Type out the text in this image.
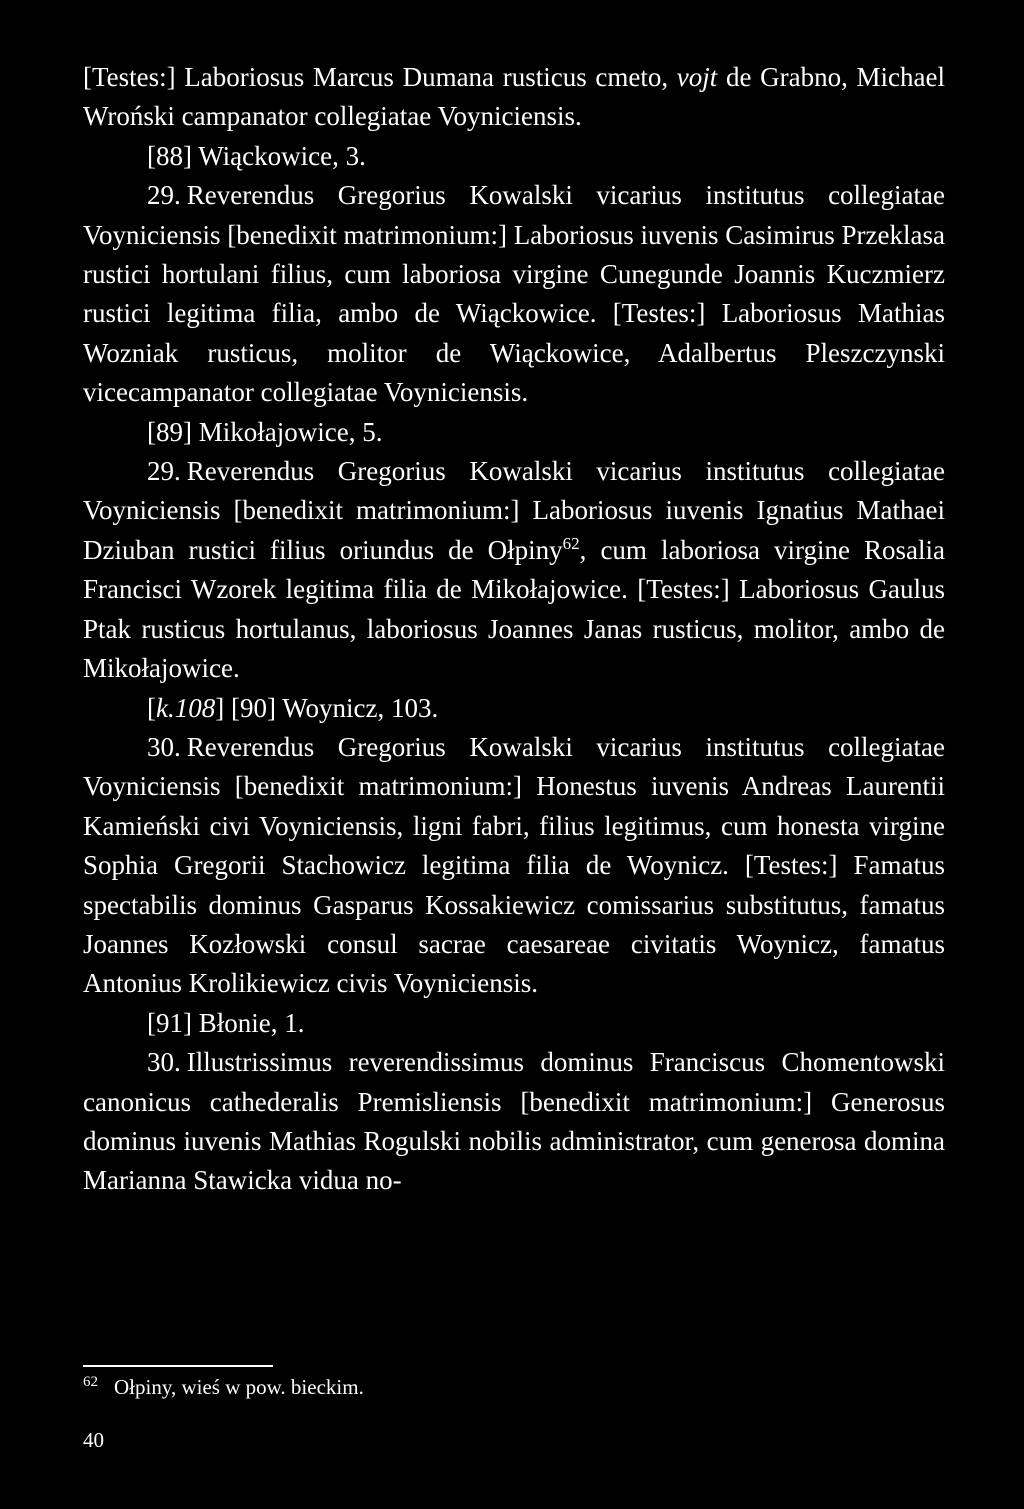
[Testes:] Laboriosus Marcus Dumana rusticus cmeto, vojt de Grabno, Michael Wroński campanator collegiatae Voyniciensis.

[88] Wiąckowice, 3.

29. Reverendus Gregorius Kowalski vicarius institutus collegiatae Voyniciensis [benedixit matrimonium:] Laboriosus iuvenis Casimirus Przeklasa rustici hortulani filius, cum laboriosa virgine Cunegunde Joannis Kuczmierz rustici legitima filia, ambo de Wiąckowice. [Testes:] Laboriosus Mathias Wozniak rusticus, molitor de Wiąckowice, Adalbertus Pleszczynski vicecampanator collegiatae Voyniciensis.

[89] Mikołajowice, 5.

29. Reverendus Gregorius Kowalski vicarius institutus collegiatae Voyniciensis [benedixit matrimonium:] Laboriosus iuvenis Ignatius Mathaei Dziuban rustici filius oriundus de Ołpiny$^{62}$, cum laboriosa virgine Rosalia Francisci Wzorek legitima filia de Mikołajowice. [Testes:] Laboriosus Gaulus Ptak rusticus hortulanus, laboriosus Joannes Janas rusticus, molitor, ambo de Mikołajowice.

[k.108] [90] Woynicz, 103.

30. Reverendus Gregorius Kowalski vicarius institutus collegiatae Voyniciensis [benedixit matrimonium:] Honestus iuvenis Andreas Laurentii Kamieński civi Voyniciensis, ligni fabri, filius legitimus, cum honesta virgine Sophia Gregorii Stachowicz legitima filia de Woynicz. [Testes:] Famatus spectabilis dominus Gasparus Kossakiewicz comissarius substitutus, famatus Joannes Kozłowski consul sacrae caesareae civitatis Woynicz, famatus Antonius Krolikiewicz civis Voyniciensis.

[91] Błonie, 1.

30. Illustrissimus reverendissimus dominus Franciscus Chomentowski canonicus cathederalis Premisliensis [benedixit matrimonium:] Generosus dominus iuvenis Mathias Rogulski nobilis administrator, cum generosa domina Marianna Stawicka vidua no-

$^{62}$ Ołpiny, wieś w pow. bieckim.
40
